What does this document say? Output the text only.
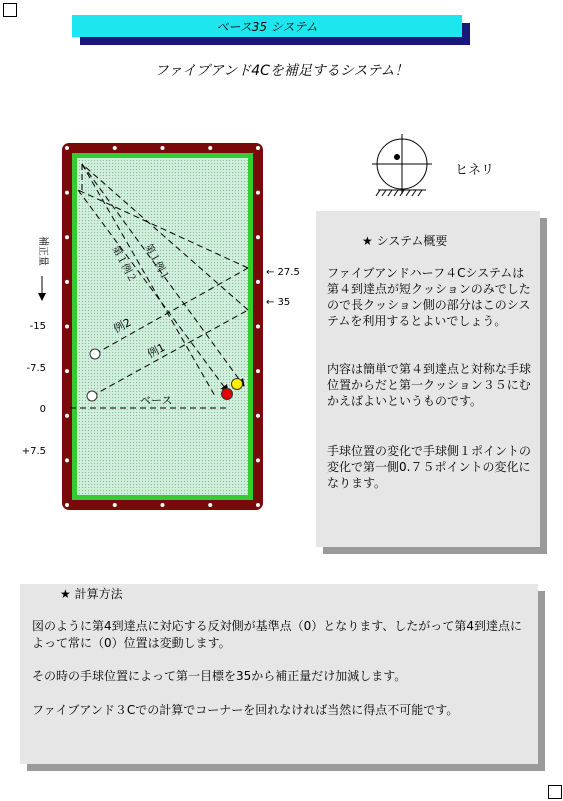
ベース35 システム
ファイブアンド4Cを補足するシステム！
★ システム概要

ファイブアンドハーフ４Cシステムは第４到達点が短クッションのみでしたので長クッション側の部分はこのシステムを利用するとよいでしょう。

内容は簡単で第４到達点と対称な手球位置からだと第一クッション３５にむかえばよいというものです。

手球位置の変化で手球側１ポイントの変化で第一側0.７５ポイントの変化になります。

★ 計算方法

図のように第4到達点に対応する反対側が基準点（0）となります、したがって第4到達点によって常に（0）位置は変動します。

その時の手球位置によって第一目標を35から補正量だけ加減します。

ファイブアンド３Cでの計算でコーナーを回れなければ当然に得点不可能です。

例2
例1
ベース
第１例２ 第１例１	← 27.5
← 35
補正量
-15
-7.5
0
+7.5
ヒネリ
